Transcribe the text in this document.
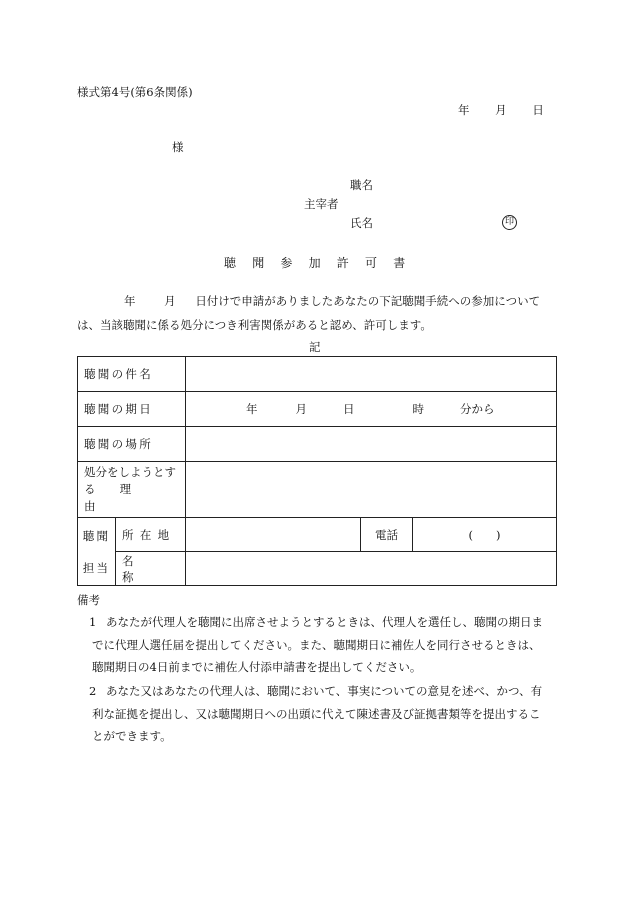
様式第4号(第6条関係)
年 月 日
様
職名
主宰者
氏名	印
聴聞参加許可書
年 月 日付けで申請がありましたあなたの下記聴聞手続への参加について
は、当該聴聞に係る処分につき利害関係があると認め、許可します。
記
聴聞の件名				
聴聞の期日		年 月 日 時 分から		

聴聞の場所				

処分をしようとす
る理由				

聴聞
担当	所在地		電話	(　　)
	名称			
備考
1 あなたが代理人を聴聞に出席させようとするときは、代理人を選任し、聴聞の期日ま
でに代理人選任届を提出してください。また、聴聞期日に補佐人を同行させるときは、
聴聞期日の4日前までに補佐人付添申請書を提出してください。
2 あなた又はあなたの代理人は、聴聞において、事実についての意見を述べ、かつ、有
利な証拠を提出し、又は聴聞期日への出頭に代えて陳述書及び証拠書類等を提出するこ
とができます。
